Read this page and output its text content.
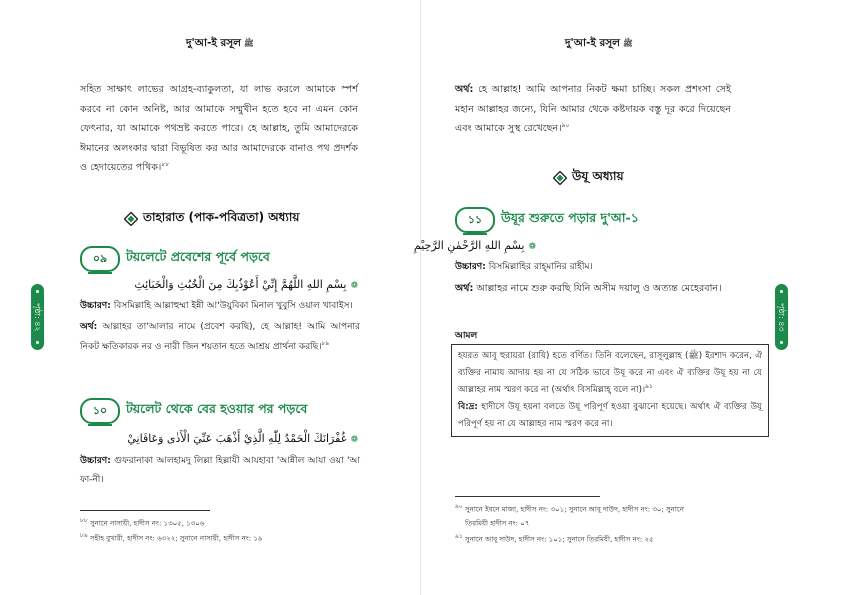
দু'আ-ই রসূল ﷺ
সহিত সাক্ষাৎ লাভের আগ্রহ-ব্যাকুলতা, যা লাভ করলে আমাকে স্পর্শ করবে না কোন অনিষ্ট, আর আমাকে সম্মুখীন হতে হবে না এমন কোন ফেৎনার, যা আমাকে পথভ্রষ্ট করতে পারে। হে আল্লাহ, তুমি আমাদেরকে ঈমানের অলংকার দ্বারা বিভূষিত কর আর আমাদেরকে বানাও পথ প্রদর্শক ও হেদায়েতের পথিক।$^{৮৮}$
তাহারাত (পাক-পবিত্রতা) অধ্যায়
০৯	টয়লেটে প্রবেশের পূর্বে পড়বে
❁بِسْمِ اللهِ اللَّهُمَّ إِنِّيْ أَعُوْذُبِكَ مِنَ الْخُبُثِ وَالْخَبَائِثِ
উচ্চারণ: বিসমিল্লাহি আল্লাহুম্মা ইন্নী আ'উযুবিকা মিনাল খুবুসি ওয়াল খাবাইস।
অর্থ: আল্লাহর তা'আলার নামে (প্রবেশ করছি), হে আল্লাহ! আমি আপনার নিকট ক্ষতিকারক নর ও নারী জিন শয়তান হতে আশ্রয় প্রার্থনা করছি।$^{৮৯}$
১০	টয়লেট থেকে বের হওয়ার পর পড়বে
❁غُفْرَانَكَ الْحَمْدُ لِلّٰهِ الَّذِيْ أَذْهَبَ عَنِّيَ الْأَذٰى وَعَافَانِيْ
উচ্চারণ: গুফরানাকা আলহামদু লিল্লা হিল্লাযী আযহাবা 'আন্নীল আযা ওয়া 'আ ফা-নী।
৮৮ সুনানে নাসায়ী, হাদীস নং: ১৩০৫, ১৩০৬
৮৯ সহীহ বুখারী, হাদীস নং: ৬৩২২; সুনানে নাসায়ী, হাদীস নং: ১৯
পৃষ্ঠা: ৪২
দু'আ-ই রসূল ﷺ
অর্থ: হে আল্লাহ! আমি আপনার নিকট ক্ষমা চাচ্ছি। সকল প্রশংসা সেই মহান আল্লাহর জন্যে, যিনি আমার থেকে কষ্টদায়ক বস্তু দূর করে দিয়েছেন এবং আমাকে সুস্থ রেখেছেন।$^{৯০}$
উযূ অধ্যায়
১১	উযূর শুরুতে পড়ার দু'আ-১
❁بِسْمِ اللهِ الرَّحْمٰنِ الرَّحِيْمِ
উচ্চারণ: বিসমিল্লাহির রাহ্‌মানির রাহীম।
অর্থ: আল্লাহর নামে শুরু করছি যিনি অসীম দয়ালু ও অত্যন্ত মেহেরবান।
আমল
হযরত আবূ হুরায়রা (রাযি) হতে বর্ণিত। তিনি বলেছেন, রাসূলুল্লাহ (ﷺ) ইরশাদ করেন, ঐ ব্যক্তির নামায আদায় হয় না যে সঠিক ভাবে উযূ করে না এবং ঐ ব্যক্তির উযূ হয় না যে আল্লাহর নাম স্মরণ করে না (অর্থাৎ বিসমিল্লাহ্ বলে না)।$^{৯১}$
বি:দ্র: হাদীসে উযূ হয়না বলতে উযূ পরিপূর্ণ হওয়া বুঝানো হয়েছে। অর্থাৎ ঐ ব্যক্তির উযূ পরিপূর্ণ হয় না যে আল্লাহর নাম স্মরণ করে না।
৯০ সুনানে ইবনে মাজা, হাদীস নং: ৩০১; সুনানে আবূ দাউদ, হাদীস নং: ৩০; সুনানে
তিরমিযী হাদীস নং: ০৭
৯১ সুনানে আবূ দাউদ, হাদীস নং: ১০১; সুনানে তিরমিযী, হাদীস নং: ২৫
পৃষ্ঠা: ৪৩
